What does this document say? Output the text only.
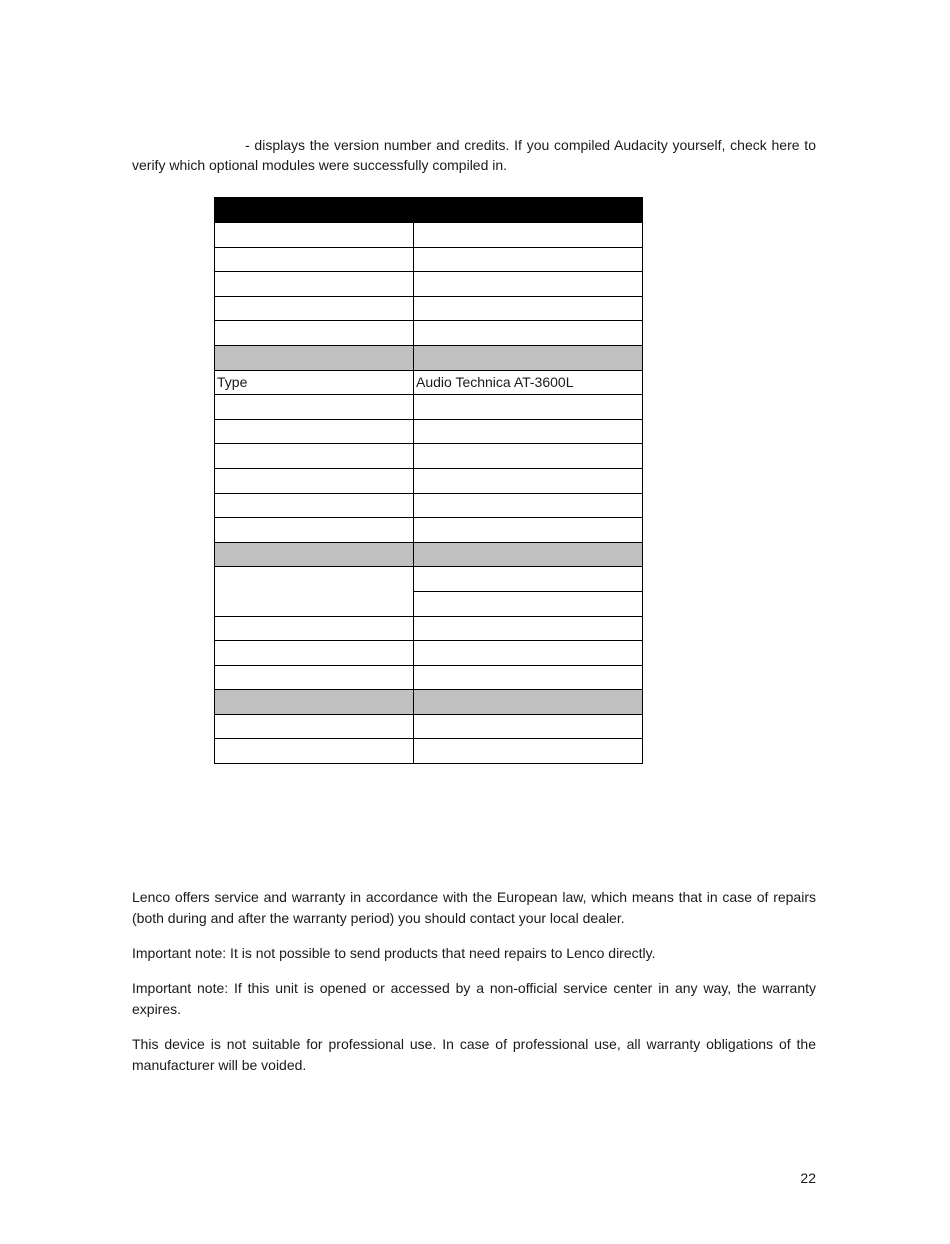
- displays the version number and credits. If you compiled Audacity yourself, check here to verify which optional modules were successfully compiled in.

Type	Audio Technica AT-3600L

Lenco offers service and warranty in accordance with the European law, which means that in case of repairs (both during and after the warranty period) you should contact your local dealer.

Important note: It is not possible to send products that need repairs to Lenco directly.

Important note: If this unit is opened or accessed by a non-official service center in any way, the warranty expires.

This device is not suitable for professional use. In case of professional use, all warranty obligations of the manufacturer will be voided.

22
